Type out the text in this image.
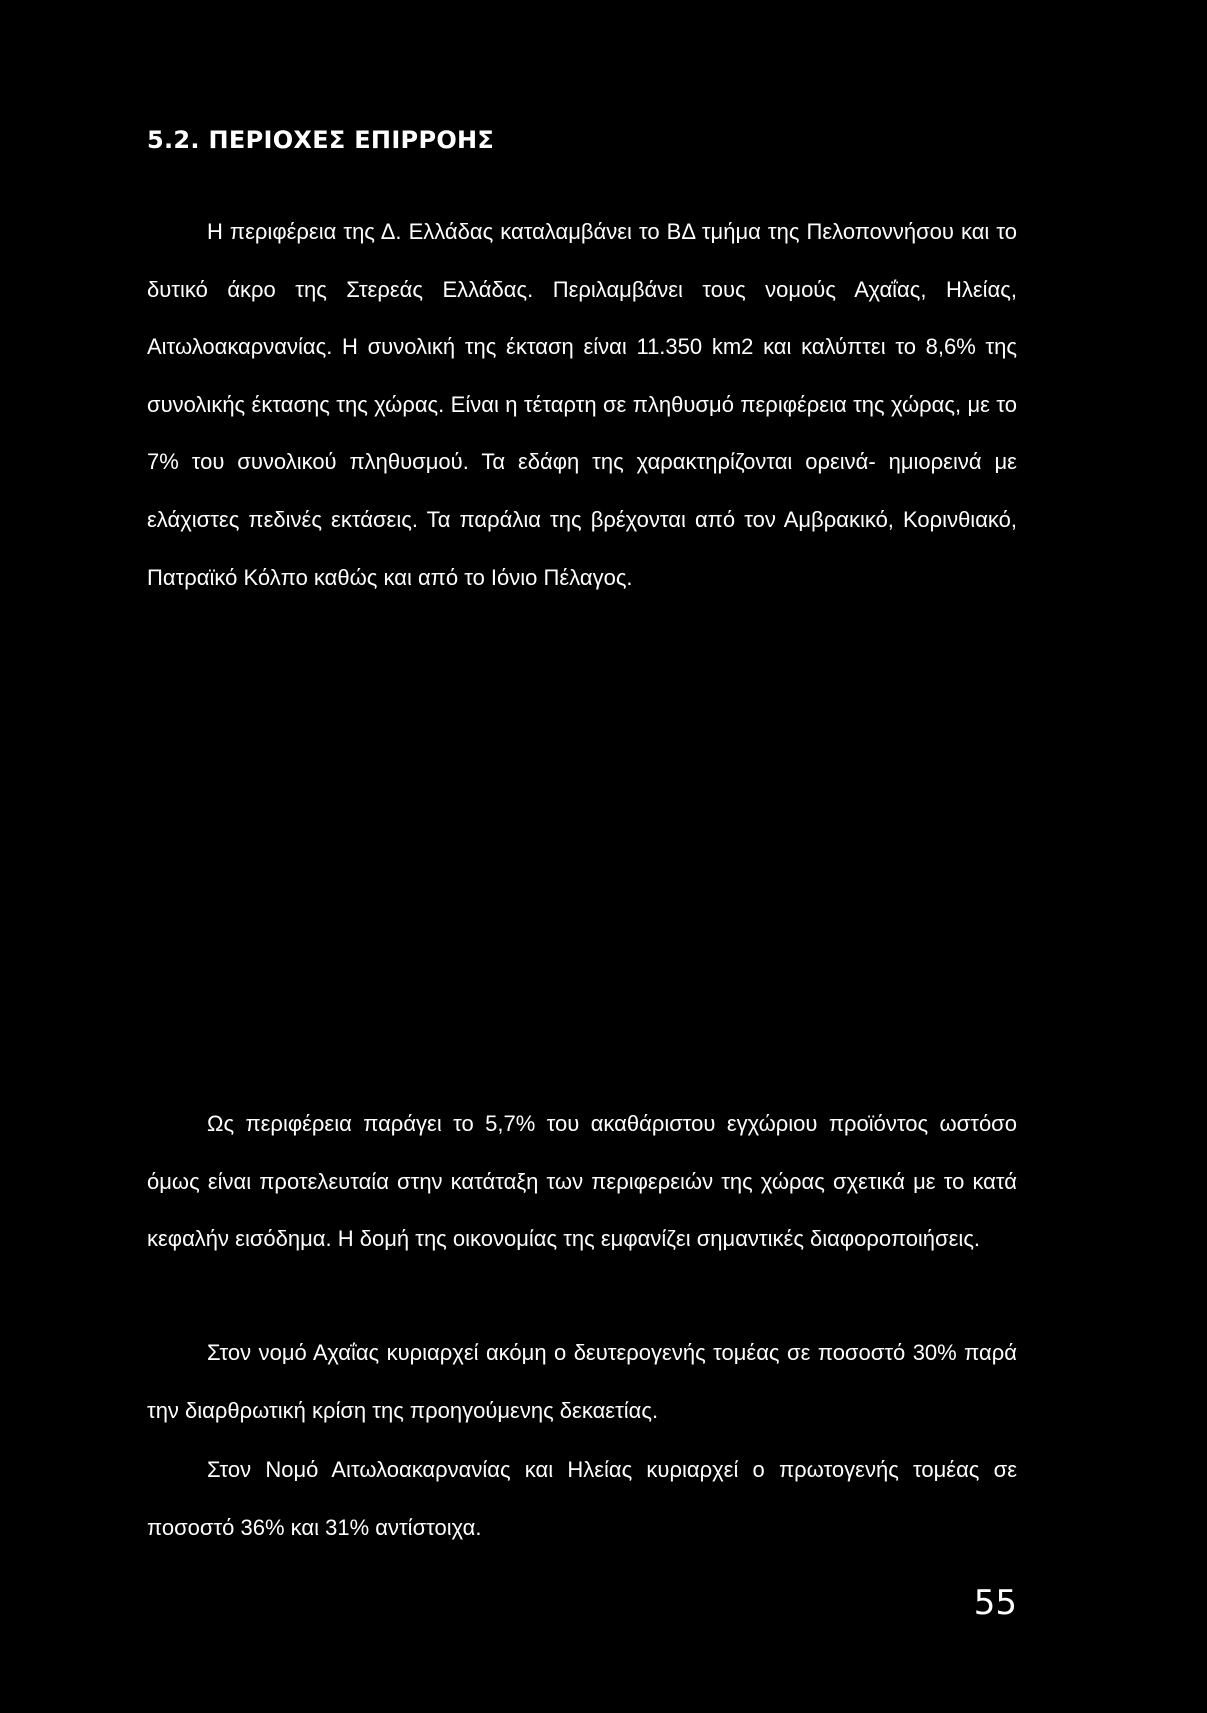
5.2. ΠΕΡΙΟΧΕΣ ΕΠΙΡΡΟΗΣ

Η περιφέρεια της Δ. Ελλάδας καταλαμβάνει το ΒΔ τμήμα της Πελοποννήσου και το δυτικό άκρο της Στερεάς Ελλάδας. Περιλαμβάνει τους νομούς Αχαΐας, Ηλείας, Αιτωλοακαρνανίας. Η συνολική της έκταση είναι 11.350 km2 και καλύπτει το 8,6% της συνολικής έκτασης της χώρας. Είναι η τέταρτη σε πληθυσμό περιφέρεια της χώρας, με το 7% του συνολικού πληθυσμού. Τα εδάφη της χαρακτηρίζονται ορεινά- ημιορεινά με ελάχιστες πεδινές εκτάσεις. Τα παράλια της βρέχονται από τον Αμβρακικό, Κορινθιακό, Πατραϊκό Κόλπο καθώς και από το Ιόνιο Πέλαγος.

Ως περιφέρεια παράγει το 5,7% του ακαθάριστου εγχώριου προϊόντος ωστόσο όμως είναι προτελευταία στην κατάταξη των περιφερειών της χώρας σχετικά με το κατά κεφαλήν εισόδημα. Η δομή της οικονομίας της εμφανίζει σημαντικές διαφοροποιήσεις.

Στον νομό Αχαΐας κυριαρχεί ακόμη ο δευτερογενής τομέας σε ποσοστό 30% παρά την διαρθρωτική κρίση της προηγούμενης δεκαετίας.

Στον Νομό Αιτωλοακαρνανίας και Ηλείας κυριαρχεί ο πρωτογενής τομέας σε ποσοστό 36% και 31% αντίστοιχα.

55
